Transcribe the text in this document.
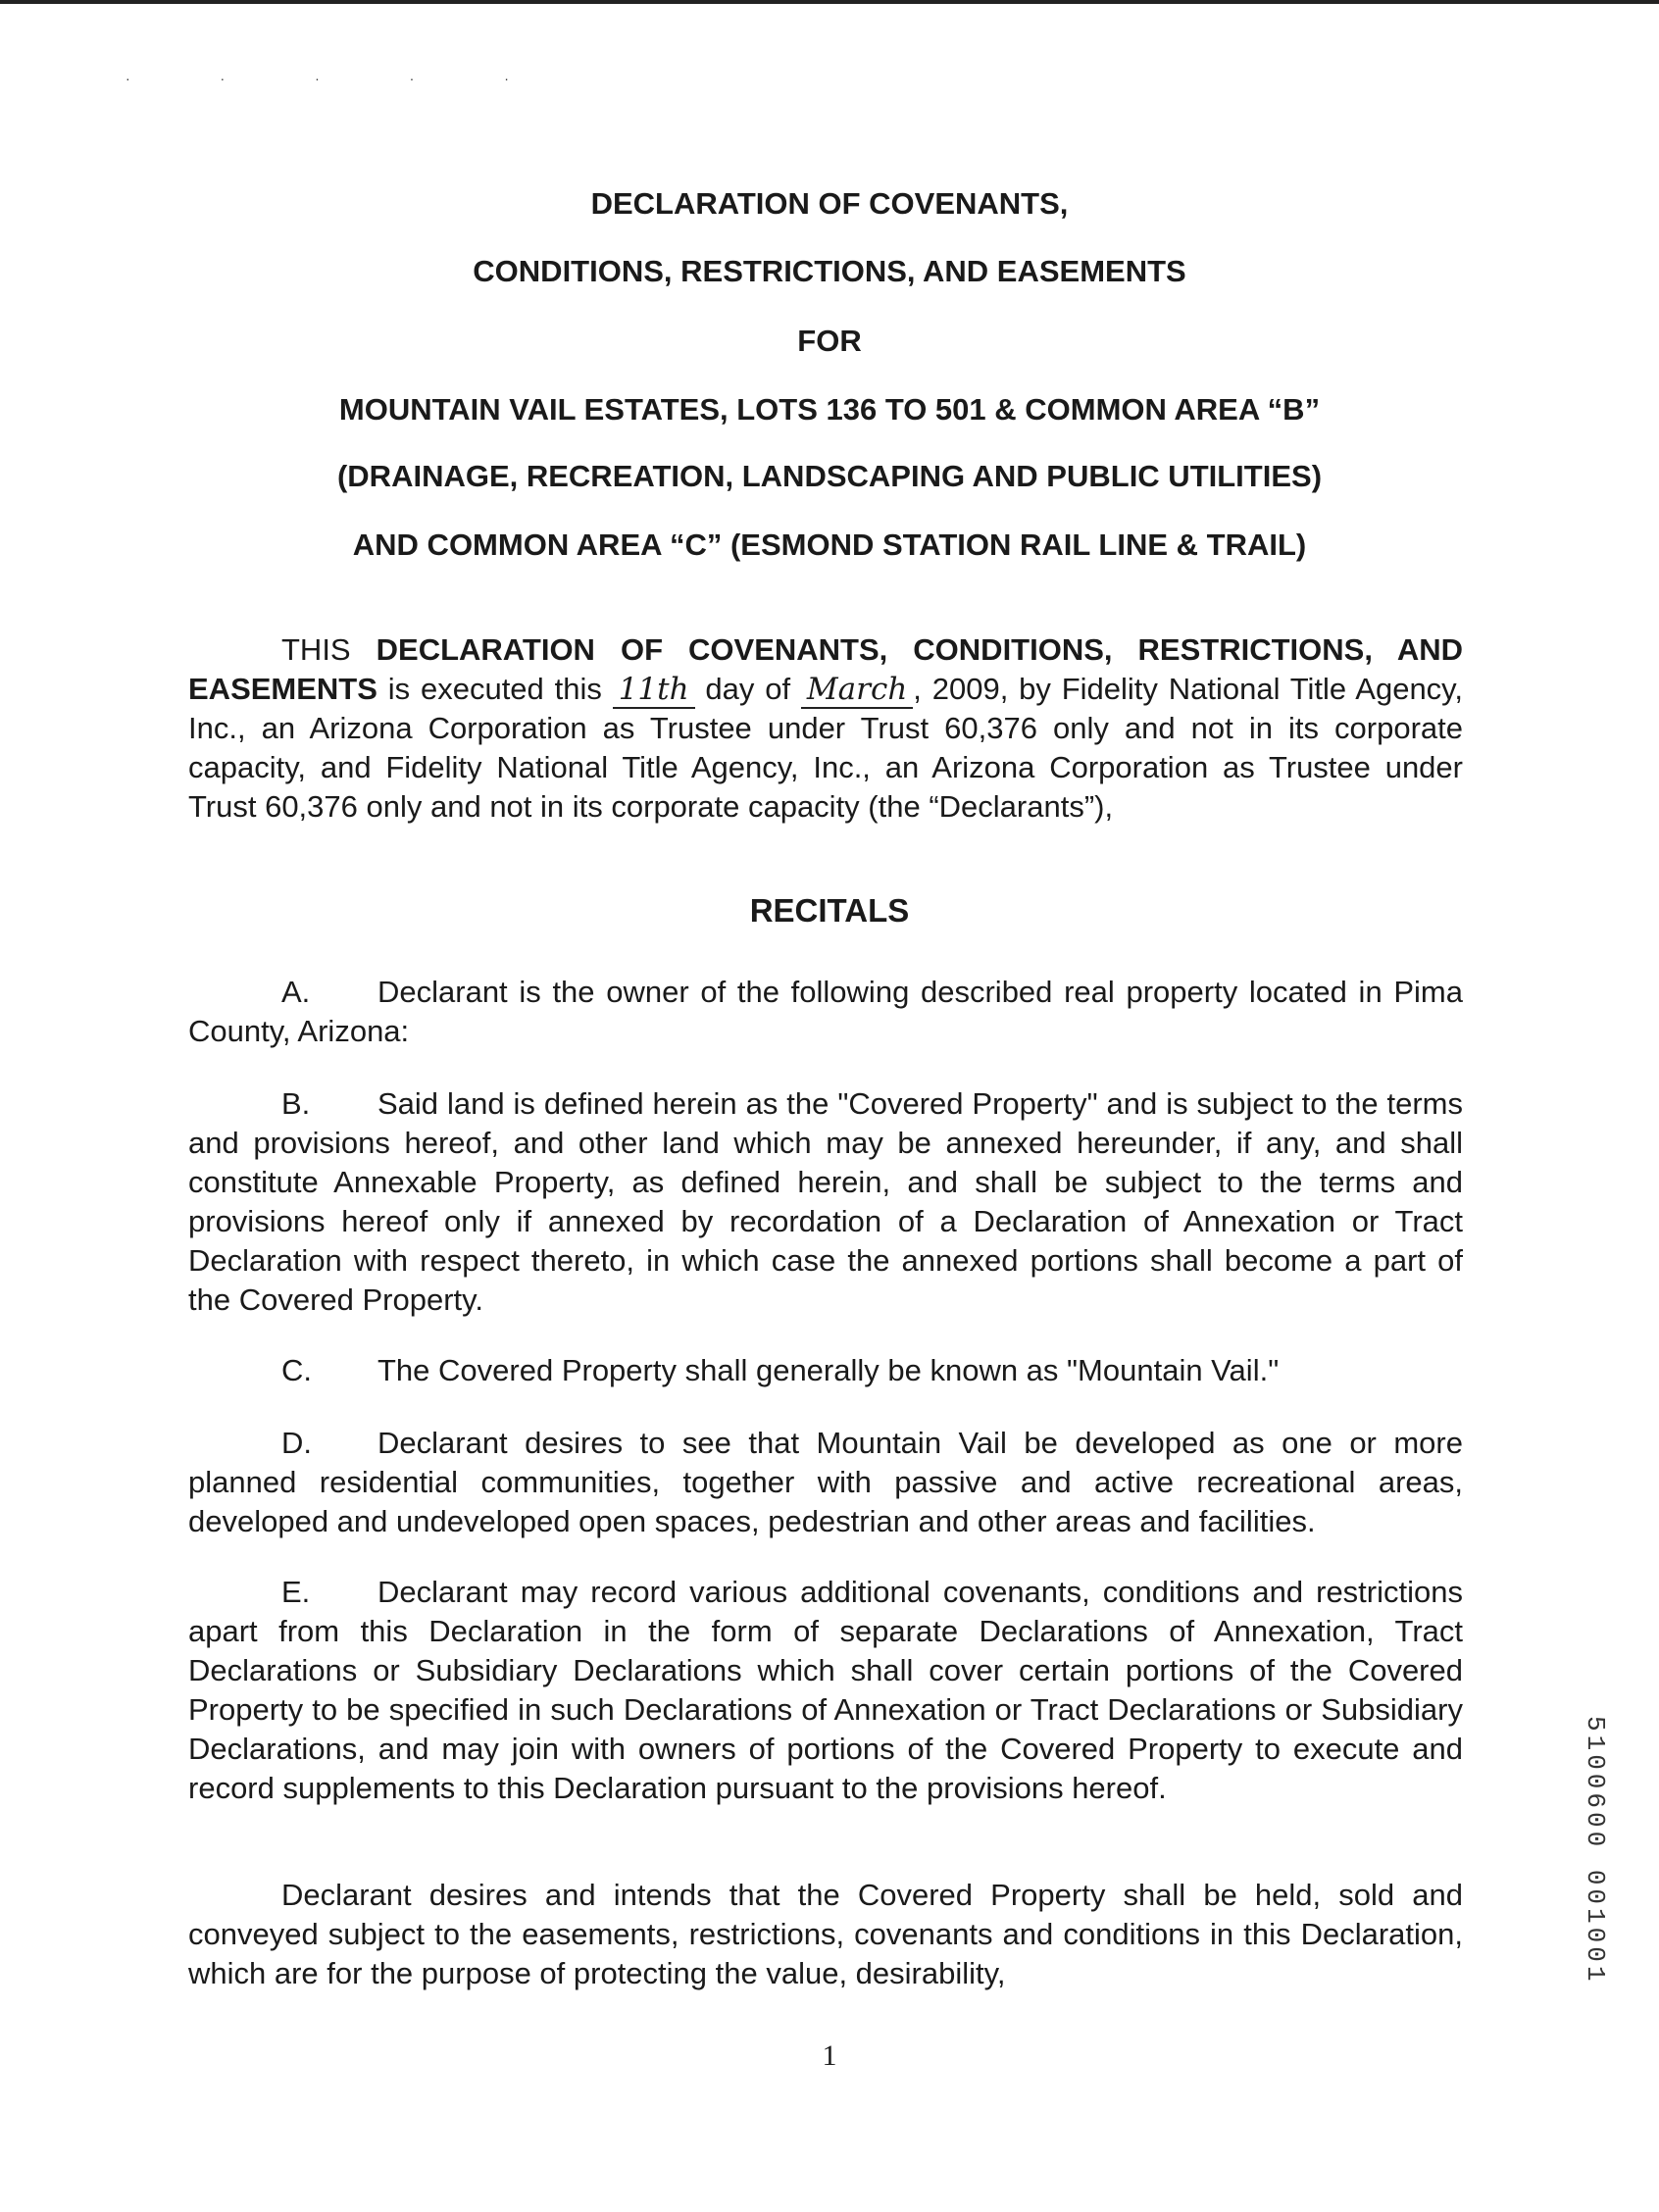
· · · · ·
DECLARATION OF COVENANTS,
CONDITIONS, RESTRICTIONS, AND EASEMENTS
FOR
MOUNTAIN VAIL ESTATES, LOTS 136 TO 501 & COMMON AREA “B”
(DRAINAGE, RECREATION, LANDSCAPING AND PUBLIC UTILITIES)
AND COMMON AREA “C” (ESMOND STATION RAIL LINE & TRAIL)
THIS DECLARATION OF COVENANTS, CONDITIONS, RESTRICTIONS, AND EASEMENTS is executed this 11th day of March , 2009, by Fidelity National Title Agency, Inc., an Arizona Corporation as Trustee under Trust 60,376 only and not in its corporate capacity, and Fidelity National Title Agency, Inc., an Arizona Corporation as Trustee under Trust 60,376 only and not in its corporate capacity (the “Declarants”),
RECITALS
A. Declarant is the owner of the following described real property located in Pima County, Arizona:
B. Said land is defined herein as the "Covered Property" and is subject to the terms and provisions hereof, and other land which may be annexed hereunder, if any, and shall constitute Annexable Property, as defined herein, and shall be subject to the terms and provisions hereof only if annexed by recordation of a Declaration of Annexation or Tract Declaration with respect thereto, in which case the annexed portions shall become a part of the Covered Property.
C. The Covered Property shall generally be known as "Mountain Vail."
D. Declarant desires to see that Mountain Vail be developed as one or more planned residential communities, together with passive and active recreational areas, developed and undeveloped open spaces, pedestrian and other areas and facilities.
E. Declarant may record various additional covenants, conditions and restrictions apart from this Declaration in the form of separate Declarations of Annexation, Tract Declarations or Subsidiary Declarations which shall cover certain portions of the Covered Property to be specified in such Declarations of Annexation or Tract Declarations or Subsidiary Declarations, and may join with owners of portions of the Covered Property to execute and record supplements to this Declaration pursuant to the provisions hereof.
Declarant desires and intends that the Covered Property shall be held, sold and conveyed subject to the easements, restrictions, covenants and conditions in this Declaration, which are for the purpose of protecting the value, desirability,
1
5100600 001001
